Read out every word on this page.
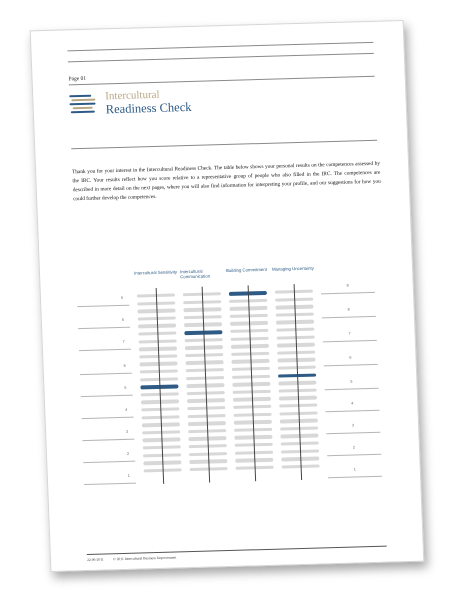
Page 01
Intercultural
Readiness Check
Thank you for your interest in the Intercultural Readiness Check. The table below shows your personal results on the competences assessed by the IRC. Your results reflect how you score relative to a representative group of people who also filled in the IRC. The competences are described in more detail on the next pages, where you will also find information for interpreting your profile, and our suggestions for how you could further develop the competences.
5
5
7
6
5
4
3
2
1
8
8
7
6
5
4
3
2
1
Intercultural Sensitivity Intercultural Communication
Building Commitment	Managing Uncertainty
22-06-2011	© 2011 Intercultural Business Improvement
